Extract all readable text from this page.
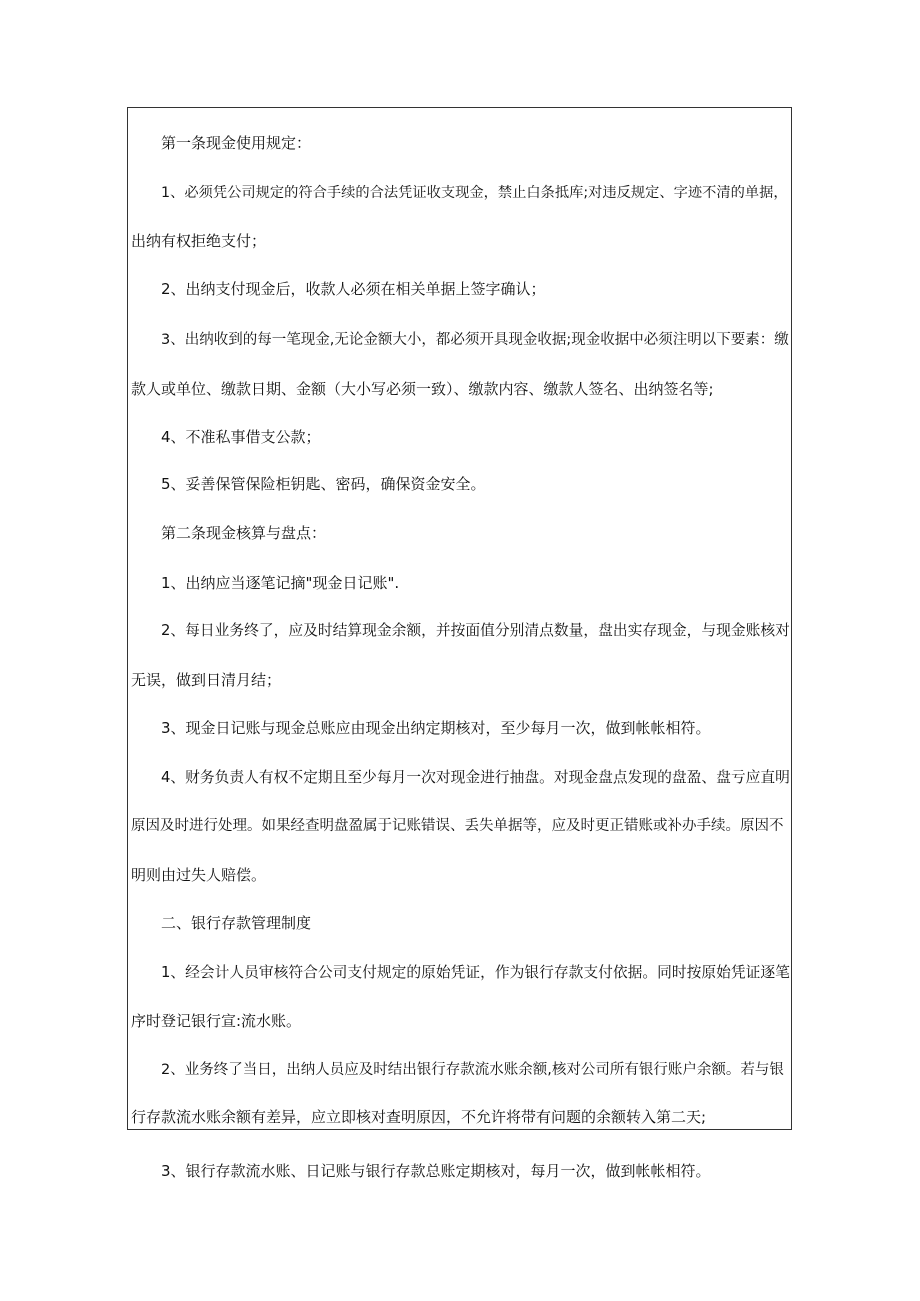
第一条现金使用规定：

1、必须凭公司规定的符合手续的合法凭证收支现金，禁止白条抵库;对违反规定、字迹不清的单据，

出纳有权拒绝支付；

2、出纳支付现金后，收款人必须在相关单据上签字确认；

3、出纳收到的每一笔现金,无论金额大小，都必须开具现金收据;现金收据中必须注明以下要素：缴

款人或单位、缴款日期、金额（大小写必须一致）、缴款内容、缴款人签名、出纳签名等;

4、不准私事借支公款；

5、妥善保管保险柜钥匙、密码，确保资金安全。

第二条现金核算与盘点：

1、出纳应当逐笔记摘"现金日记账".

2、每日业务终了，应及时结算现金余额，并按面值分别清点数量，盘出实存现金，与现金账核对

无误，做到日清月结；

3、现金日记账与现金总账应由现金出纳定期核对，至少每月一次，做到帐帐相符。

4、财务负责人有权不定期且至少每月一次对现金进行抽盘。对现金盘点发现的盘盈、盘亏应直明

原因及时进行处理。如果经查明盘盈属于记账错误、丢失单据等，应及时更正错账或补办手续。原因不

明则由过失人赔偿。

二、银行存款管理制度

1、经会计人员审核符合公司支付规定的原始凭证，作为银行存款支付依据。同时按原始凭证逐笔

序时登记银行宣:流水账。

2、业务终了当日，出纳人员应及时结出银行存款流水账余额,核对公司所有银行账户余额。若与银

行存款流水账余额有差异，应立即核对查明原因，不允许将带有问题的余额转入第二天;

3、银行存款流水账、日记账与银行存款总账定期核对，每月一次，做到帐帐相符。
